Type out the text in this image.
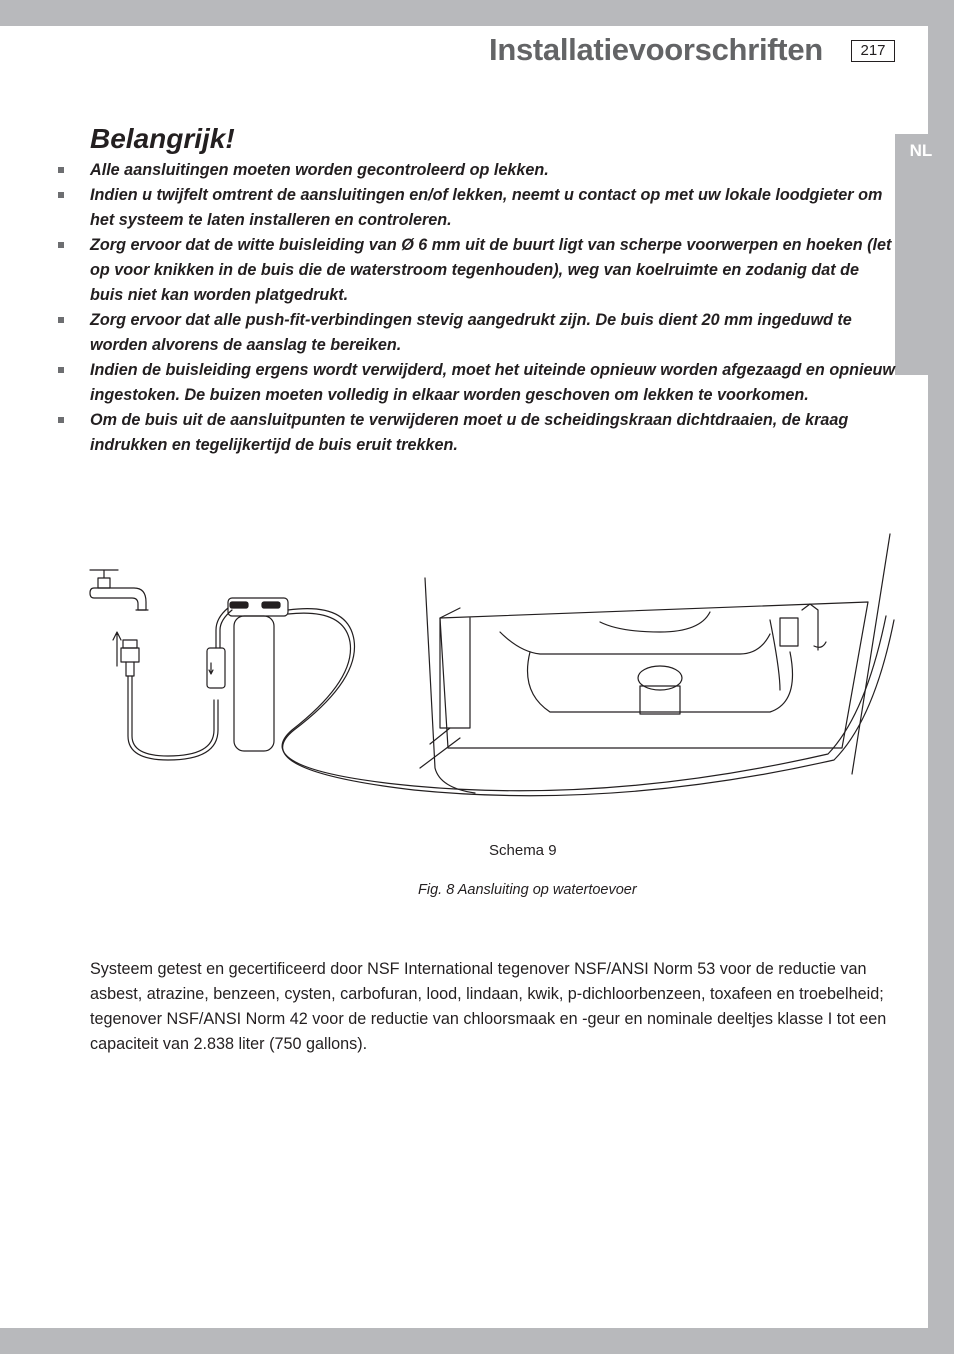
NL
Installatievoorschriften	217
Belangrijk!
Alle aansluitingen moeten worden gecontroleerd op lekken.
Indien u twijfelt omtrent de aansluitingen en/of lekken, neemt u contact op met uw lokale loodgieter om het systeem te laten installeren en controleren.
Zorg ervoor dat de witte buisleiding van Ø 6 mm uit de buurt ligt van scherpe voorwerpen en hoeken (let op voor knikken in de buis die de waterstroom tegenhouden), weg van koelruimte en zodanig dat de buis niet kan worden platgedrukt.
Zorg ervoor dat alle push-fit-verbindingen stevig aangedrukt zijn. De buis dient 20 mm ingeduwd te worden alvorens de aanslag te bereiken.
Indien de buisleiding ergens wordt verwijderd, moet het uiteinde opnieuw worden afgezaagd en opnieuw ingestoken. De buizen moeten volledig in elkaar worden geschoven om lekken te voorkomen.
Om de buis uit de aansluitpunten te verwijderen moet u de scheidingskraan dichtdraaien, de kraag indrukken en tegelijkertijd de buis eruit trekken.
Schema 9
Fig. 8 Aansluiting op watertoevoer

Systeem getest en gecertificeerd door NSF International tegenover NSF/ANSI Norm 53 voor de reductie van asbest, atrazine, benzeen, cysten, carbofuran, lood, lindaan, kwik, p-dichloorbenzeen, toxafeen en troebelheid; tegenover NSF/ANSI Norm 42 voor de reductie van chloorsmaak en -geur en nominale deeltjes klasse I tot een capaciteit van 2.838 liter (750 gallons).
